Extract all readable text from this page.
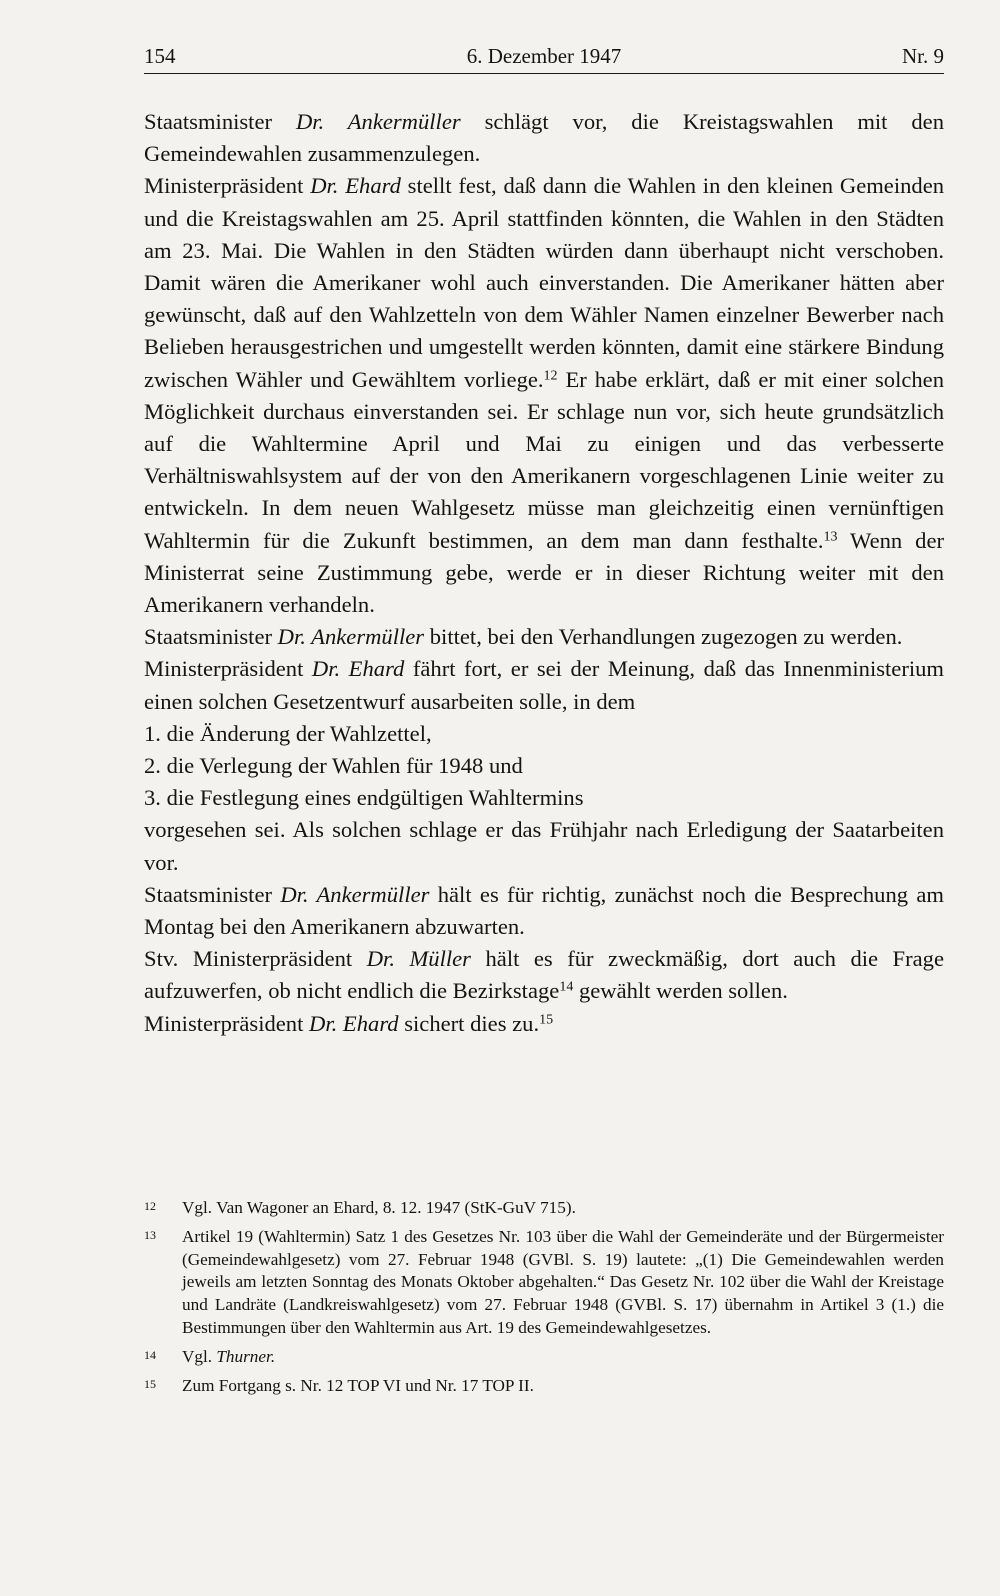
154	6. Dezember 1947	Nr. 9

Staatsminister Dr. Ankermüller schlägt vor, die Kreistagswahlen mit den Gemeindewahlen zusammenzulegen.

Ministerpräsident Dr. Ehard stellt fest, daß dann die Wahlen in den kleinen Gemeinden und die Kreistagswahlen am 25. April stattfinden könnten, die Wahlen in den Städten am 23. Mai. Die Wahlen in den Städten würden dann überhaupt nicht verschoben. Damit wären die Amerikaner wohl auch einverstanden. Die Amerikaner hätten aber gewünscht, daß auf den Wahlzetteln von dem Wähler Namen einzelner Bewerber nach Belieben herausgestrichen und umgestellt werden könnten, damit eine stärkere Bindung zwischen Wähler und Gewähltem vorliege.$^{12}$ Er habe erklärt, daß er mit einer solchen Möglichkeit durchaus einverstanden sei. Er schlage nun vor, sich heute grundsätzlich auf die Wahltermine April und Mai zu einigen und das verbesserte Verhältniswahlsystem auf der von den Amerikanern vorgeschlagenen Linie weiter zu entwickeln. In dem neuen Wahlgesetz müsse man gleichzeitig einen vernünftigen Wahltermin für die Zukunft bestimmen, an dem man dann festhalte.$^{13}$ Wenn der Ministerrat seine Zustimmung gebe, werde er in dieser Richtung weiter mit den Amerikanern verhandeln.

Staatsminister Dr. Ankermüller bittet, bei den Verhandlungen zugezogen zu werden.

Ministerpräsident Dr. Ehard fährt fort, er sei der Meinung, daß das Innenministerium einen solchen Gesetzentwurf ausarbeiten solle, in dem

1. die Änderung der Wahlzettel,

2. die Verlegung der Wahlen für 1948 und

3. die Festlegung eines endgültigen Wahltermins

vorgesehen sei. Als solchen schlage er das Frühjahr nach Erledigung der Saatarbeiten vor.

Staatsminister Dr. Ankermüller hält es für richtig, zunächst noch die Besprechung am Montag bei den Amerikanern abzuwarten.

Stv. Ministerpräsident Dr. Müller hält es für zweckmäßig, dort auch die Frage aufzuwerfen, ob nicht endlich die Bezirkstage$^{14}$ gewählt werden sollen.

Ministerpräsident Dr. Ehard sichert dies zu.$^{15}$

12 Vgl. Van Wagoner an Ehard, 8. 12. 1947 (StK-GuV 715).
13 Artikel 19 (Wahltermin) Satz 1 des Gesetzes Nr. 103 über die Wahl der Gemeinderäte und der Bürgermeister (Gemeindewahlgesetz) vom 27. Februar 1948 (GVBl. S. 19) lautete: „(1) Die Gemeindewahlen werden jeweils am letzten Sonntag des Monats Oktober abgehalten.“ Das Gesetz Nr. 102 über die Wahl der Kreistage und Landräte (Landkreiswahlgesetz) vom 27. Februar 1948 (GVBl. S. 17) übernahm in Artikel 3 (1.) die Bestimmungen über den Wahltermin aus Art. 19 des Gemeindewahlgesetzes.
14 Vgl. Thurner.
15 Zum Fortgang s. Nr. 12 TOP VI und Nr. 17 TOP II.
